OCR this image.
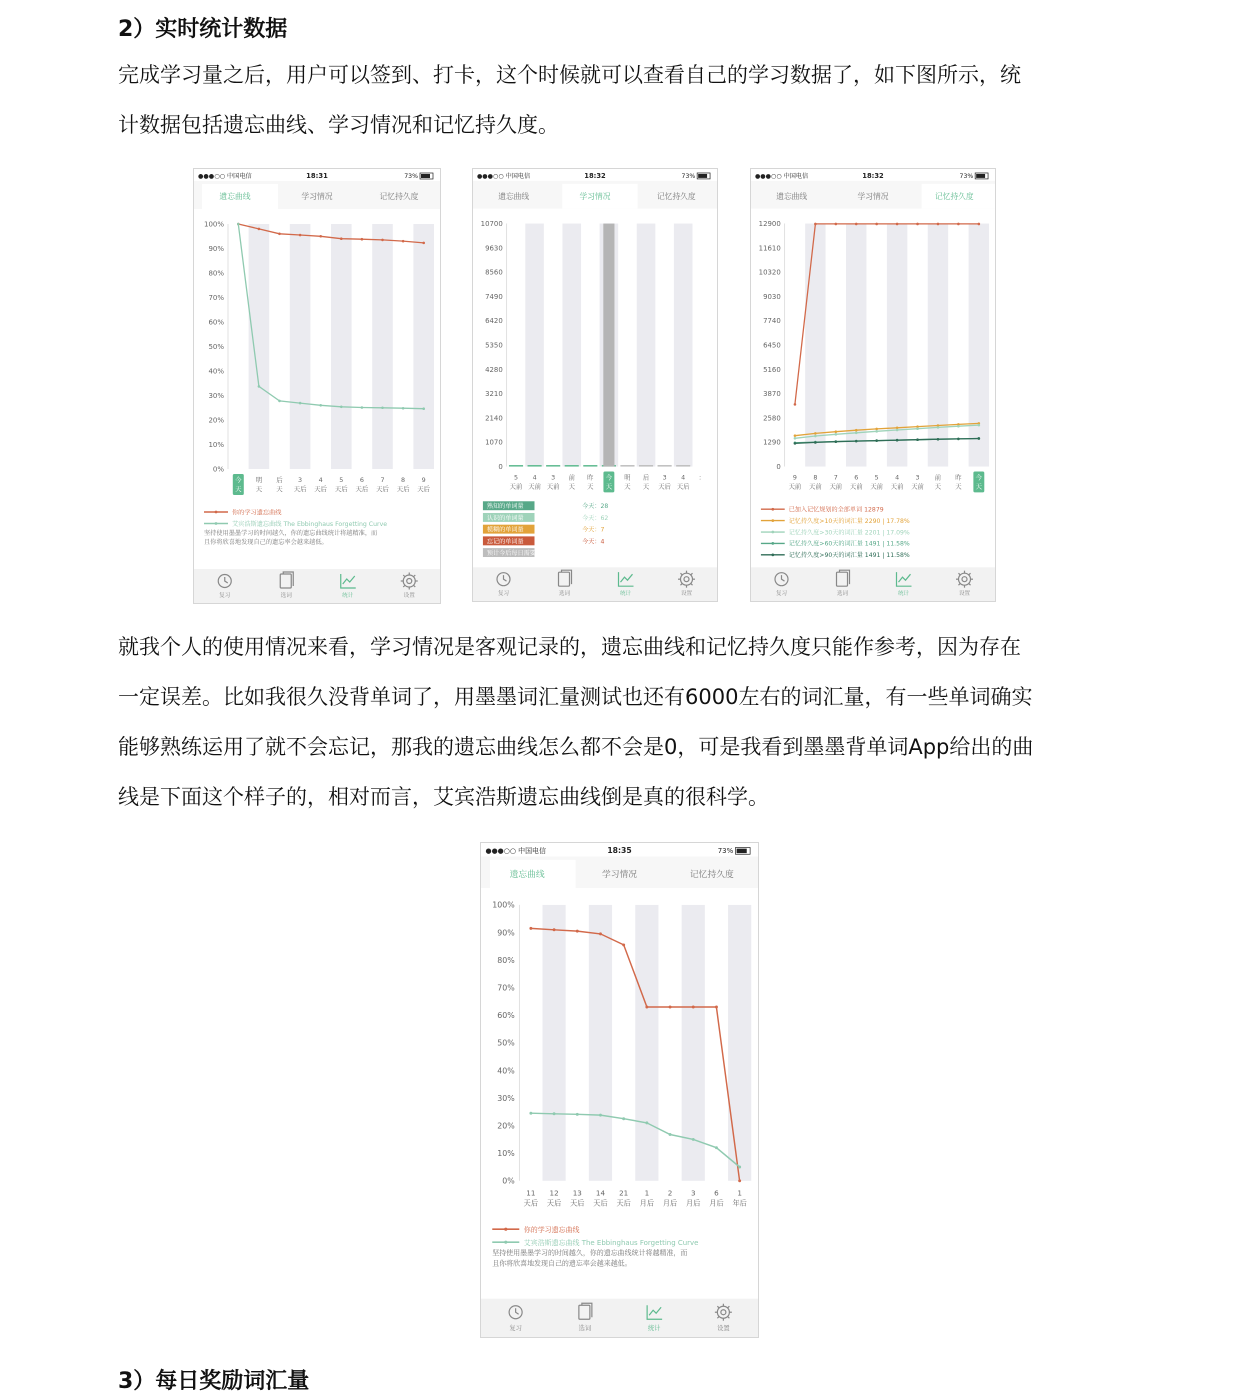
2）实时统计数据
完成学习量之后，用户可以签到、打卡，这个时候就可以查看自己的学习数据了，如下图所示，统
计数据包括遗忘曲线、学习情况和记忆持久度。
●●●○○ 中国电信	18:31	73%
遗忘曲线	学习情况	记忆持久度
100%
90%
80%
70%
60%
50%
40%
30%
20%
10%
0%
今
天
明
天
后
天
3
天后
4
天后
5
天后
6
天后
7
天后
8
天后
9
天后
你的学习遗忘曲线
艾宾浩斯遗忘曲线 The Ebbinghaus Forgetting Curve
坚持使用墨墨学习的时间越久，你的遗忘曲线统计将越精准，而
且你将欣喜地发现自己的遗忘率会越来越低。
复习	选词	统计	设置
●●●○○ 中国电信	18:32	73%
遗忘曲线	学习情况	记忆持久度
10700
9630
8560
7490
6420
5350
4280
3210
2140
1070
0
5
天前
4
天前
3
天前
前
天
昨
天
今
天
明
天
后
天
3
天后
4
天后
：
熟知的单词量	今天：28
认识的单词量	今天：62
模糊的单词量	今天：7
忘记的单词量	今天：4
预计今后每日需要复习的单词量
复习	选词	统计	设置
●●●○○ 中国电信	18:32	73%
遗忘曲线	学习情况	记忆持久度
12900
11610
10320
9030
7740
6450
5160
3870
2580
1290
0
9
天前
8
天前
7
天前
6
天前
5
天前
4
天前
3
天前
前
天
昨
天
今
天
已加入记忆规划的全部单词 12879
记忆持久度>10天的词汇量 2290 | 17.78%
记忆持久度>30天的词汇量 2201 | 17.09%
记忆持久度>60天的词汇量 1491 | 11.58%
记忆持久度>90天的词汇量 1491 | 11.58%
复习	选词	统计	设置
就我个人的使用情况来看，学习情况是客观记录的，遗忘曲线和记忆持久度只能作参考，因为存在
一定误差。比如我很久没背单词了，用墨墨词汇量测试也还有6000左右的词汇量，有一些单词确实
能够熟练运用了就不会忘记，那我的遗忘曲线怎么都不会是0，可是我看到墨墨背单词App给出的曲
线是下面这个样子的，相对而言，艾宾浩斯遗忘曲线倒是真的很科学。
●●●○○ 中国电信	18:35	73%
遗忘曲线	学习情况	记忆持久度
100%
90%
80%
70%
60%
50%
40%
30%
20%
10%
0%
11
天后
12
天后
13
天后
14
天后
21
天后
1
月后
2
月后
3
月后
6
月后
1
年后
你的学习遗忘曲线
艾宾浩斯遗忘曲线 The Ebbinghaus Forgetting Curve
坚持使用墨墨学习的时间越久，你的遗忘曲线统计将越精准，而
且你将欣喜地发现自己的遗忘率会越来越低。
复习	选词	统计	设置
3）每日奖励词汇量
